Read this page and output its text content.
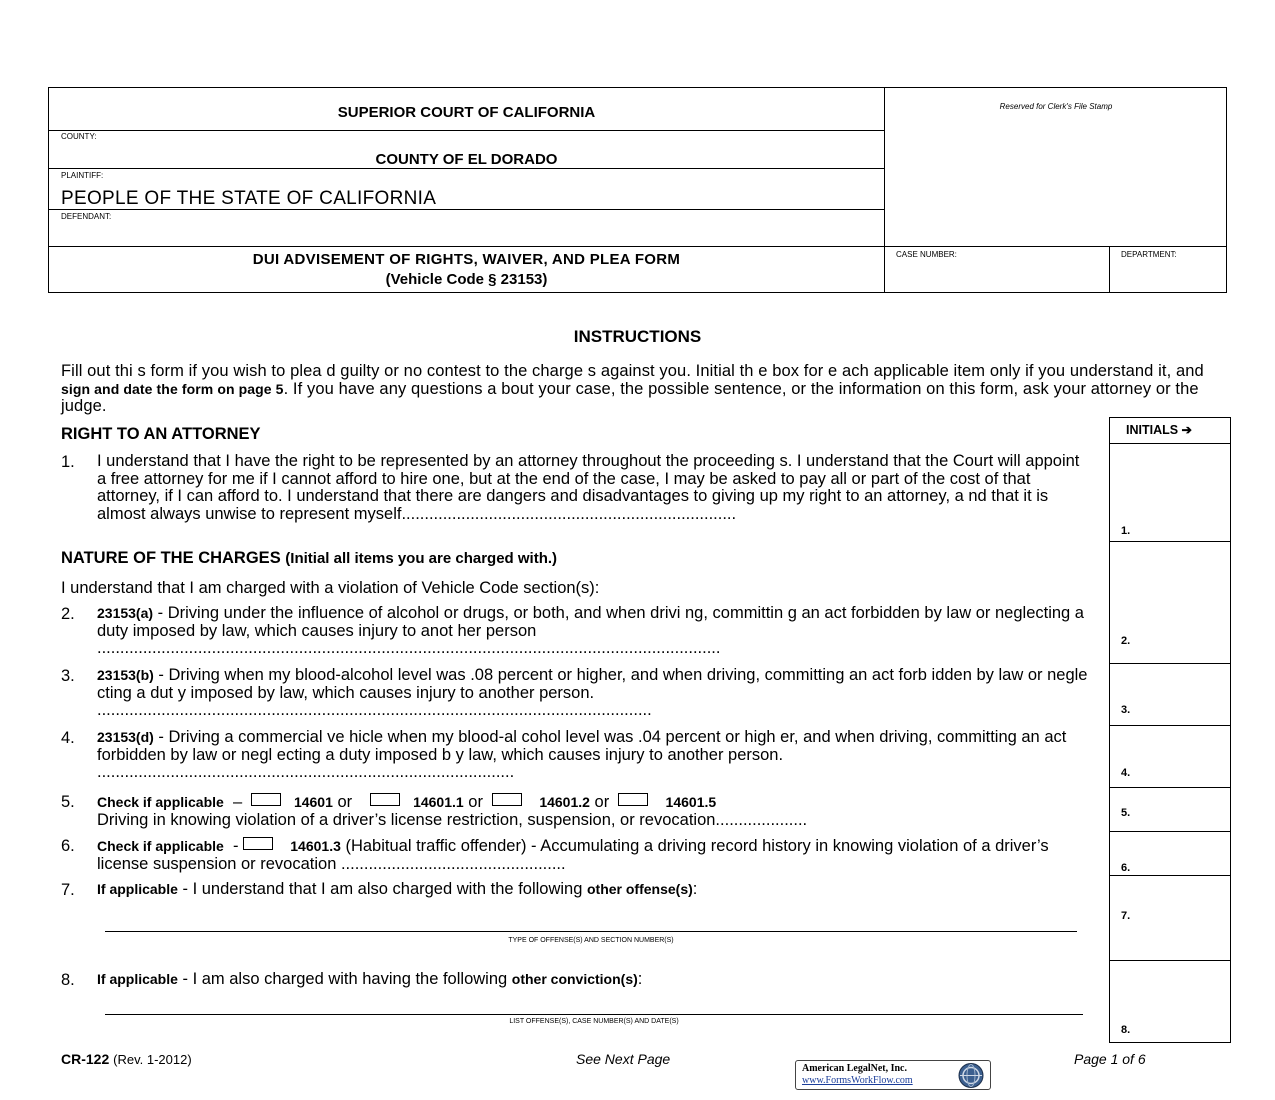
SUPERIOR COURT OF CALIFORNIA
COUNTY:
COUNTY OF EL DORADO
PLAINTIFF:
PEOPLE OF THE STATE OF CALIFORNIA
DEFENDANT:
DUI ADVISEMENT OF RIGHTS, WAIVER, AND PLEA FORM
(Vehicle Code § 23153)
Reserved for Clerk's File Stamp
CASE NUMBER:	DEPARTMENT:
INSTRUCTIONS
Fill out thi s form if you wish to plea d guilty or no contest to the charge s against you. Initial th e box for e ach applicable item only if you understand it, and sign and date the form on page 5. If you have any questions a bout your case, the possible sentence, or the information on this form, ask your attorney or the judge.
INITIALS ➔
1.
2.
3.
4.
5.
6.
7.
8.
RIGHT TO AN ATTORNEY
1. I understand that I have the right to be represented by an attorney throughout the proceeding s. I understand that the Court will appoint a free attorney for me if I cannot afford to hire one, but at the end of the case, I may be asked to pay all or part of the cost of that attorney, if I can afford to. I understand that there are dangers and disadvantages to giving up my right to an attorney, a nd that it is almost always unwise to represent myself.........................................................................
NATURE OF THE CHARGES (Initial all items you are charged with.)
I understand that I am charged with a violation of Vehicle Code section(s):
2. 23153(a) - Driving under the influence of alcohol or drugs, or both, and when drivi ng, committin g an act forbidden by law or neglecting a duty imposed by law, which causes injury to anot her person ........................................................................................................................................
3. 23153(b) - Driving when my blood-alcohol level was .08 percent or higher, and when driving, committing an act forb idden by law or negle cting a dut y imposed by law, which causes injury to another person. .........................................................................................................................
4. 23153(d) - Driving a commercial ve hicle when my blood-al cohol level was .04 percent or high er, and when driving, committing an act forbidden by law or negl ecting a duty imposed b y law, which causes injury to another person. ...........................................................................................
5. Check if applicable  –	14601 or	14601.1 or	14601.2 or	14601.5
Driving in knowing violation of a driver’s license restriction, suspension, or revocation....................
6. Check if applicable  -	14601.3 (Habitual traffic offender) - Accumulating a driving record history in knowing violation of a driver’s license suspension or revocation .................................................
7. If applicable - I understand that I am also charged with the following other offense(s):
TYPE OF OFFENSE(S) AND SECTION NUMBER(S)
8. If applicable - I am also charged with having the following other conviction(s):
LIST OFFENSE(S), CASE NUMBER(S) AND DATE(S)
CR-122 (Rev. 1-2012)	See Next Page	Page 1 of 6
American LegalNet, Inc.
www.FormsWorkFlow.com
